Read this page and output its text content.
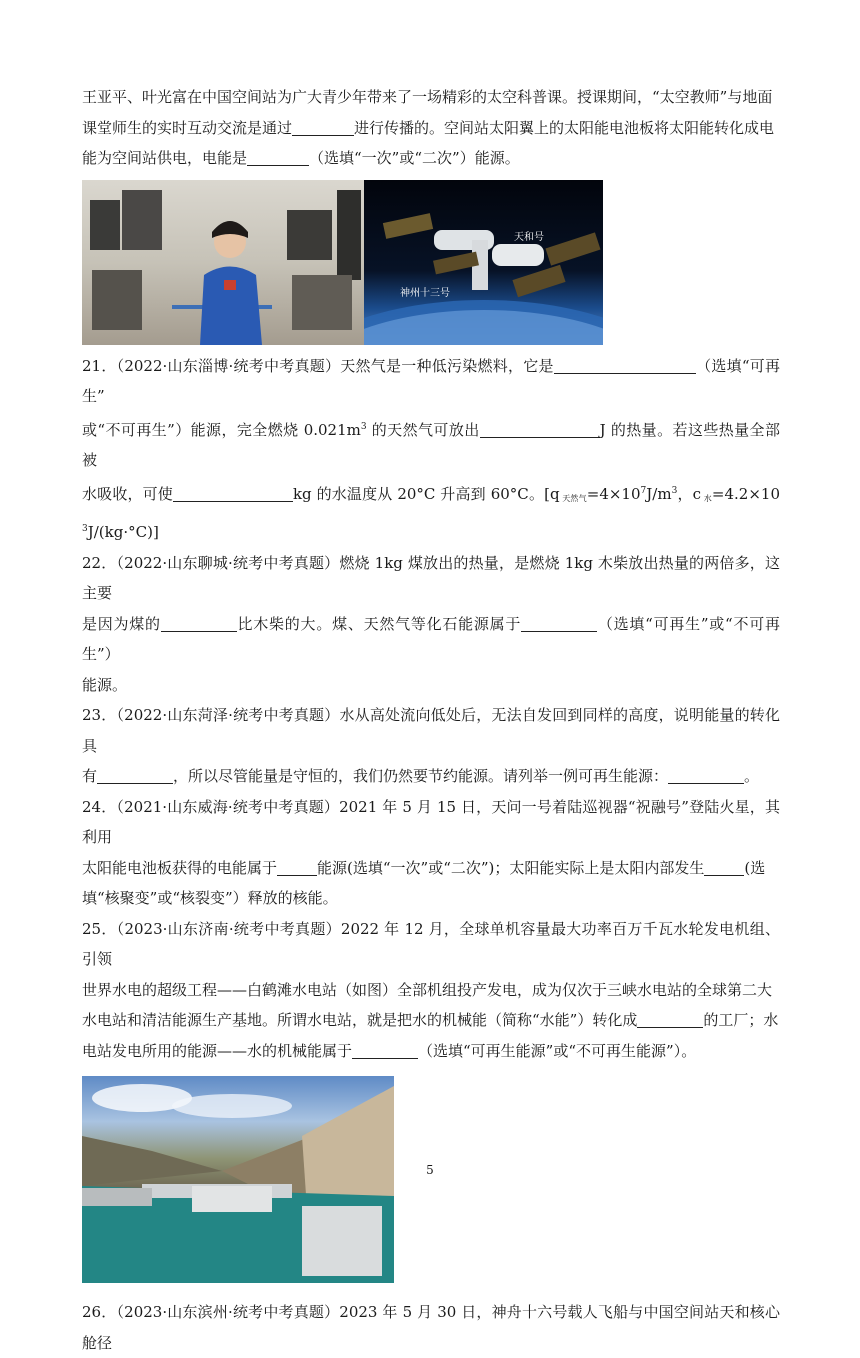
王亚平、叶光富在中国空间站为广大青少年带来了一场精彩的太空科普课。授课期间，“太空教师”与地面
课堂师生的实时互动交流是通过	进行传播的。空间站太阳翼上的太阳能电池板将太阳能转化成电
能为空间站供电，电能是	（选填“一次”或“二次”）能源。

天和号
神州十三号

21．（2022·山东淄博·统考中考真题）天然气是一种低污染燃料，它是	（选填“可再生”
或“不可再生”）能源，完全燃烧 $0.021m^3$ 的天然气可放出	J 的热量。若这些热量全部被
水吸收，可使	kg 的水温度从 20°C 升高到 60°C。[q $_{天然气}=4\times 10^7J/m^3$，c $_水=4.2\times 10^3J/(kg\cdot^\circ C)$]

22．（2022·山东聊城·统考中考真题）燃烧 1kg 煤放出的热量，是燃烧 1kg 木柴放出热量的两倍多，这主要
是因为煤的	比木柴的大。煤、天然气等化石能源属于	（选填“可再生”或“不可再生”）
能源。

23．（2022·山东菏泽·统考中考真题）水从高处流向低处后，无法自发回到同样的高度，说明能量的转化具
有	，所以尽管能量是守恒的，我们仍然要节约能源。请列举一例可再生能源：	。

24．（2021·山东威海·统考中考真题）2021 年 5 月 15 日，天问一号着陆巡视器“祝融号”登陆火星，其利用
太阳能电池板获得的电能属于	能源(选填“一次”或“二次”)；太阳能实际上是太阳内部发生	(选
填“核聚变”或“核裂变”）释放的核能。

25．（2023·山东济南·统考中考真题）2022 年 12 月，全球单机容量最大功率百万千瓦水轮发电机组、引领
世界水电的超级工程——白鹤滩水电站（如图）全部机组投产发电，成为仅次于三峡水电站的全球第二大
水电站和清洁能源生产基地。所谓水电站，就是把水的机械能（简称“水能”）转化成	的工厂；水
电站发电所用的能源——水的机械能属于	（选填“可再生能源”或“不可再生能源”）。

26．（2023·山东滨州·统考中考真题）2023 年 5 月 30 日，神舟十六号载人飞船与中国空间站天和核心舱径

5
